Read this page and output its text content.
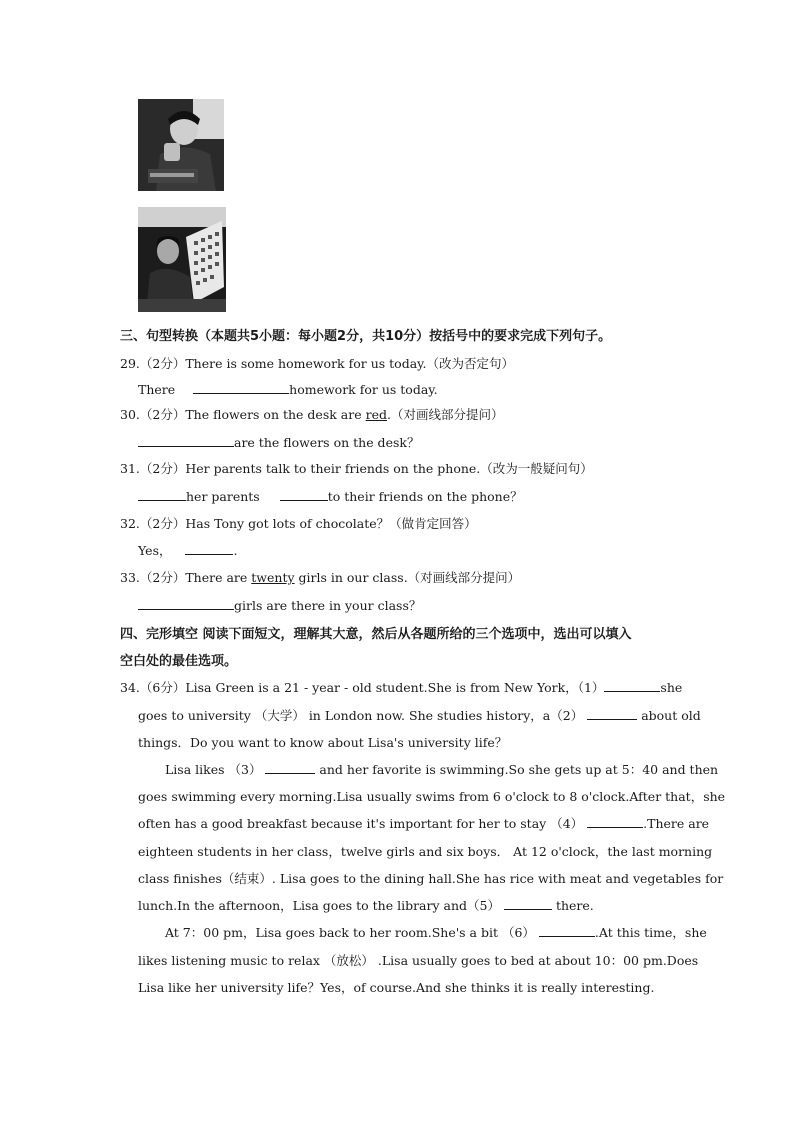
三、句型转换（本题共5小题：每小题2分，共10分）按括号中的要求完成下列句子。
29.（2分）There is some homework for us today.（改为否定句）
There	homework for us today.
30.（2分）The flowers on the desk are red.（对画线部分提问）
are the flowers on the desk？
31.（2分）Her parents talk to their friends on the phone.（改为一般疑问句）
her parents	to their friends on the phone？
32.（2分）Has Tony got lots of chocolate？（做肯定回答）
Yes，	.
33.（2分）There are twenty girls in our class.（对画线部分提问）
girls are there in your class？
四、完形填空 阅读下面短文，理解其大意，然后从各题所给的三个选项中，选出可以填入
空白处的最佳选项。
34.（6分）Lisa Green is a 21 - year - old student.She is from New York，（1）	she
goes to university （大学） in London now. She studies history，a（2）	about old
things．Do you want to know about Lisa's university life？
Lisa likes （3）	and her favorite is swimming.So she gets up at 5：40 and then
goes swimming every morning.Lisa usually swims from 6 o'clock to 8 o'clock.After that，she
often has a good breakfast because it's important for her to stay （4）	.There are
eighteen students in her class，twelve girls and six boys． At 12 o'clock，the last morning
class finishes（结束）. Lisa goes to the dining hall.She has rice with meat and vegetables for
lunch.In the afternoon，Lisa goes to the library and（5）	there.
At 7：00 pm，Lisa goes back to her room.She's a bit （6）	.At this time，she
likes listening music to relax （放松） .Lisa usually goes to bed at about 10：00 pm.Does
Lisa like her university life？Yes，of course.And she thinks it is really interesting.
